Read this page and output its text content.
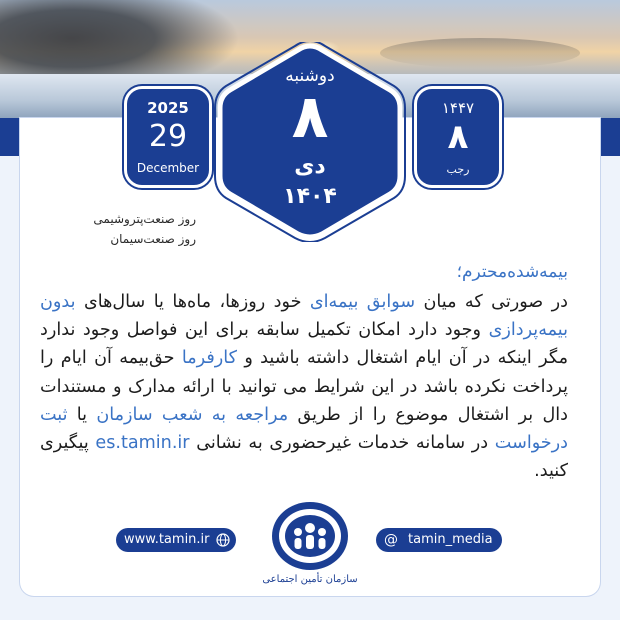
2025
29
December
۱۴۴۷
۸
رجب
دوشنبه
۸
دی
۱۴۰۴
روز صنعت‌پتروشیمی
روز صنعت‌سیمان
بیمه‌شده‌محترم؛
در صورتی که میان سوابق بیمه‌ای خود روزها، ماه‌ها یا سال‌های بدون بیمه‌پردازی وجود دارد امکان تکمیل سابقه برای این فواصل وجود ندارد مگر اینکه در آن ایام اشتغال داشته باشید و کارفرما حق‌بیمه آن ایام را پرداخت نکرده باشد در این شرایط می توانید با ارائه مدارک و مستندات دال بر اشتغال موضوع را از طریق مراجعه به شعب سازمان یا ثبت درخواست در سامانه خدمات غیرحضوری به نشانی es.tamin.ir پیگیری کنید.
www.tamin.ir	@ tamin_media
سازمان تأمین اجتماعی
